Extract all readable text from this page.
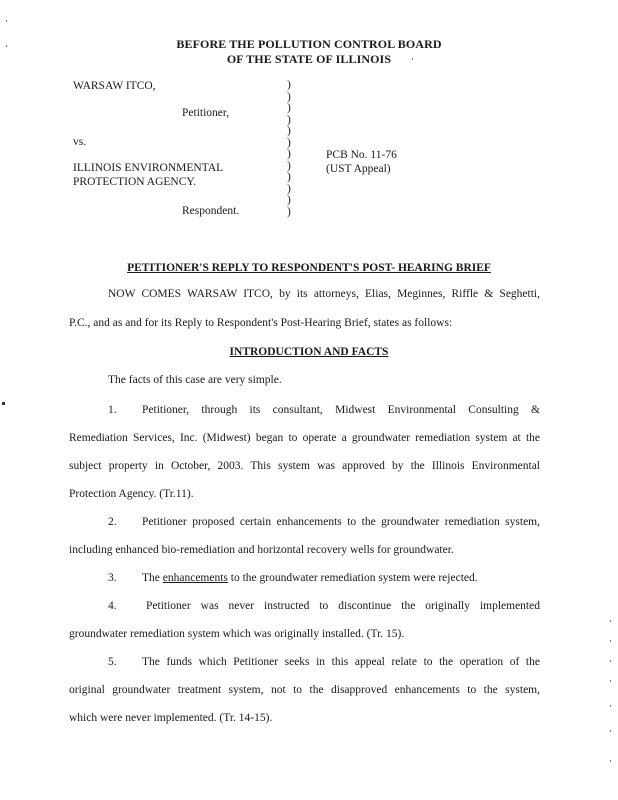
BEFORE THE POLLUTION CONTROL BOARD
OF THE STATE OF ILLINOIS
WARSAW ITCO,
Petitioner,
vs.
ILLINOIS ENVIRONMENTAL
PROTECTION AGENCY.
Respondent.
)
)
)
)
)
)
)
)
)
)
)
)
PCB No. 11-76
(UST Appeal)
PETITIONER'S REPLY TO RESPONDENT'S POST- HEARING BRIEF
NOW COMES WARSAW ITCO, by its attorneys, Elias, Meginnes, Riffle & Seghetti,
P.C., and as and for its Reply to Respondent's Post-Hearing Brief, states as follows:
INTRODUCTION AND FACTS
The facts of this case are very simple.
1. Petitioner, through its consultant, Midwest Environmental Consulting &
Remediation Services, Inc. (Midwest) began to operate a groundwater remediation system at the
subject property in October, 2003. This system was approved by the Illinois Environmental
Protection Agency. (Tr.11).
2. Petitioner proposed certain enhancements to the groundwater remediation system,
including enhanced bio-remediation and horizontal recovery wells for groundwater.
3. The enhancements to the groundwater remediation system were rejected.
4.	Petitioner was never instructed to discontinue the originally implemented
groundwater remediation system which was originally installed. (Tr. 15).
5. The funds which Petitioner seeks in this appeal relate to the operation of the
original groundwater treatment system, not to the disapproved enhancements to the system,
which were never implemented. (Tr. 14-15).
